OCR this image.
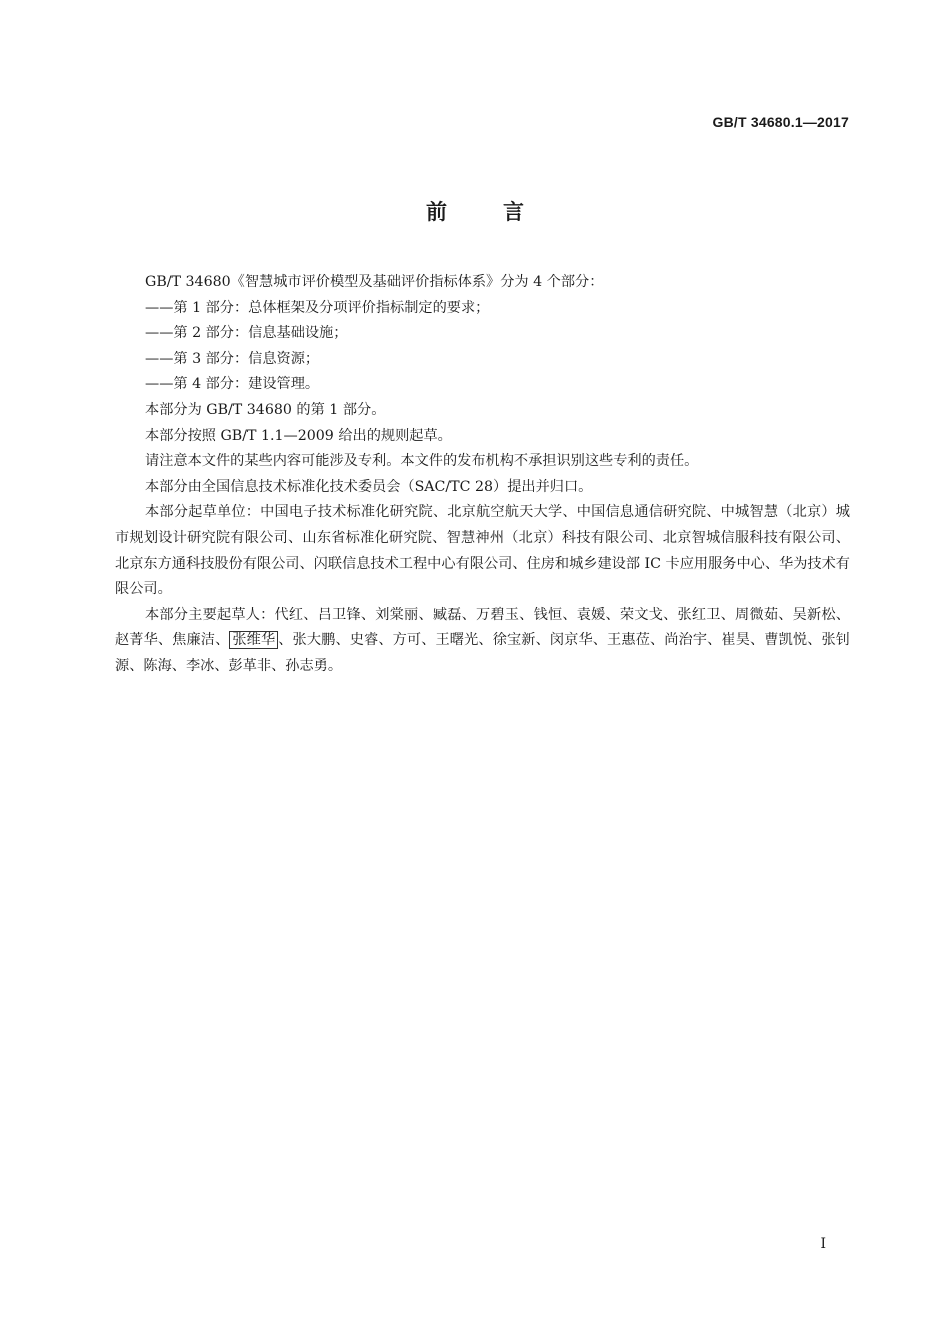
GB/T 34680.1—2017
前言

GB/T 34680《智慧城市评价模型及基础评价指标体系》分为 4 个部分：

——第 1 部分：总体框架及分项评价指标制定的要求；

——第 2 部分：信息基础设施；

——第 3 部分：信息资源；

——第 4 部分：建设管理。

本部分为 GB/T 34680 的第 1 部分。

本部分按照 GB/T 1.1—2009 给出的规则起草。

请注意本文件的某些内容可能涉及专利。本文件的发布机构不承担识别这些专利的责任。

本部分由全国信息技术标准化技术委员会（SAC/TC 28）提出并归口。

本部分起草单位：中国电子技术标准化研究院、北京航空航天大学、中国信息通信研究院、中城智慧（北京）城市规划设计研究院有限公司、山东省标准化研究院、智慧神州（北京）科技有限公司、北京智城信服科技有限公司、北京东方通科技股份有限公司、闪联信息技术工程中心有限公司、住房和城乡建设部 IC 卡应用服务中心、华为技术有限公司。

本部分主要起草人：代红、吕卫锋、刘棠丽、臧磊、万碧玉、钱恒、袁媛、荣文戈、张红卫、周微茹、吴新松、赵菁华、焦廉洁、 张维华 、张大鹏、史睿、方可、王曙光、徐宝新、闵京华、王惠莅、尚治宇、崔昊、曹凯悦、张钊源、陈海、李冰、彭革非、孙志勇。

I
